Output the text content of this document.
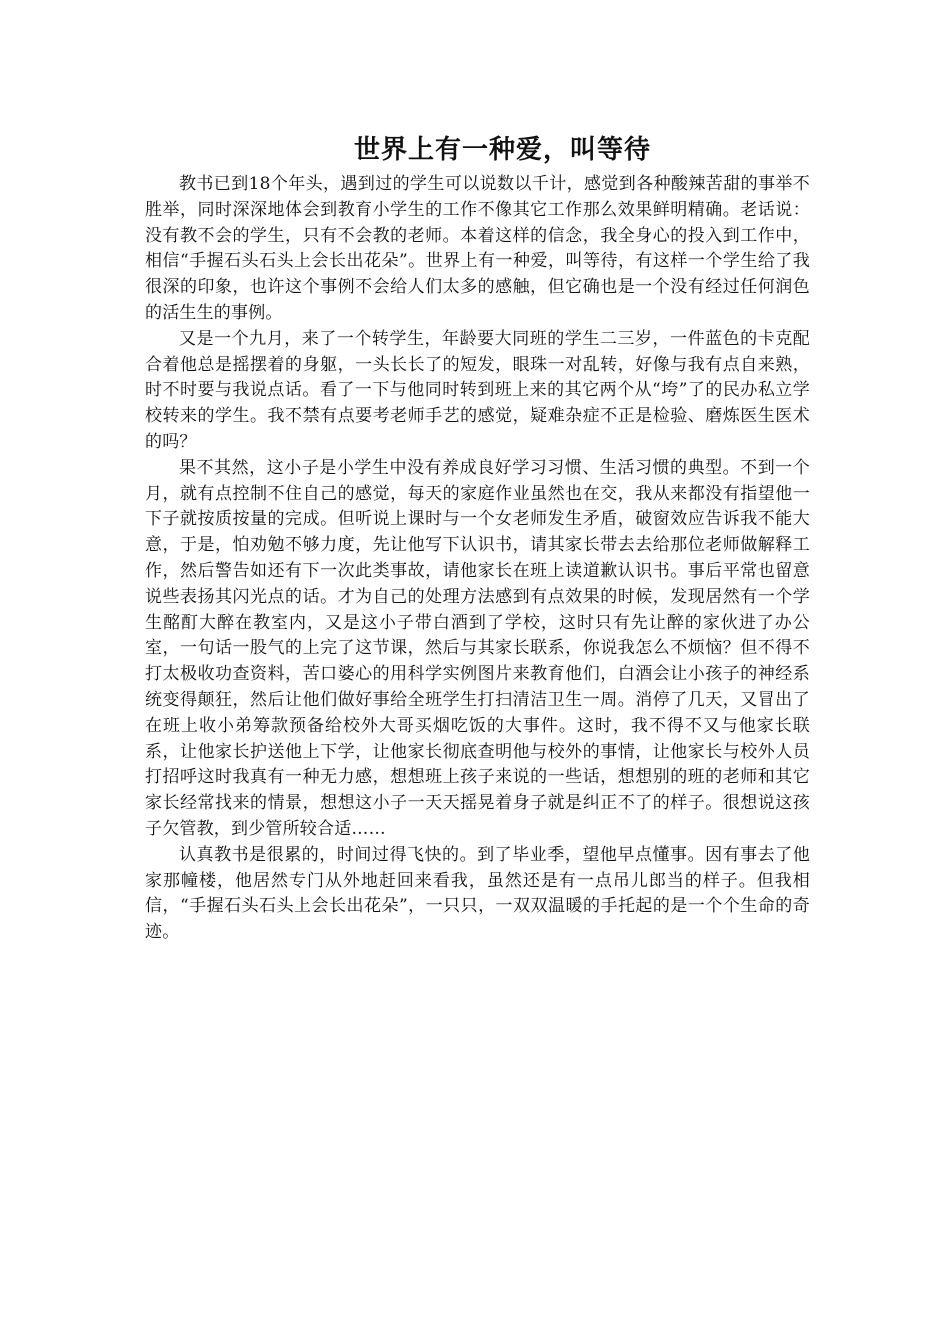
世界上有一种爱，叫等待

教书已到18个年头，遇到过的学生可以说数以千计，感觉到各种酸辣苦甜的事举不胜举，同时深深地体会到教育小学生的工作不像其它工作那么效果鲜明精确。老话说：没有教不会的学生，只有不会教的老师。本着这样的信念，我全身心的投入到工作中，相信“手握石头石头上会长出花朵”。世界上有一种爱，叫等待，有这样一个学生给了我很深的印象，也许这个事例不会给人们太多的感触，但它确也是一个没有经过任何润色的活生生的事例。

又是一个九月，来了一个转学生，年龄要大同班的学生二三岁，一件蓝色的卡克配合着他总是摇摆着的身躯，一头长长了的短发，眼珠一对乱转，好像与我有点自来熟，时不时要与我说点话。看了一下与他同时转到班上来的其它两个从“垮”了的民办私立学校转来的学生。我不禁有点要考老师手艺的感觉，疑难杂症不正是检验、磨炼医生医术的吗？

果不其然，这小子是小学生中没有养成良好学习习惯、生活习惯的典型。不到一个月，就有点控制不住自己的感觉，每天的家庭作业虽然也在交，我从来都没有指望他一下子就按质按量的完成。但听说上课时与一个女老师发生矛盾，破窗效应告诉我不能大意，于是，怕劝勉不够力度，先让他写下认识书，请其家长带去去给那位老师做解释工作，然后警告如还有下一次此类事故，请他家长在班上读道歉认识书。事后平常也留意说些表扬其闪光点的话。才为自己的处理方法感到有点效果的时候，发现居然有一个学生酩酊大醉在教室内，又是这小子带白酒到了学校，这时只有先让醉的家伙进了办公室，一句话一股气的上完了这节课，然后与其家长联系，你说我怎么不烦恼？但不得不打太极收功查资料，苦口婆心的用科学实例图片来教育他们，白酒会让小孩子的神经系统变得颠狂，然后让他们做好事给全班学生打扫清洁卫生一周。消停了几天，又冒出了在班上收小弟筹款预备给校外大哥买烟吃饭的大事件。这时，我不得不又与他家长联系，让他家长护送他上下学，让他家长彻底查明他与校外的事情，让他家长与校外人员打招呼这时我真有一种无力感，想想班上孩子来说的一些话，想想别的班的老师和其它家长经常找来的情景，想想这小子一天天摇晃着身子就是纠正不了的样子。很想说这孩子欠管教，到少管所较合适……

认真教书是很累的，时间过得飞快的。到了毕业季，望他早点懂事。因有事去了他家那幢楼，他居然专门从外地赶回来看我，虽然还是有一点吊儿郎当的样子。但我相信，“手握石头石头上会长出花朵”，一只只，一双双温暖的手托起的是一个个生命的奇迹。
